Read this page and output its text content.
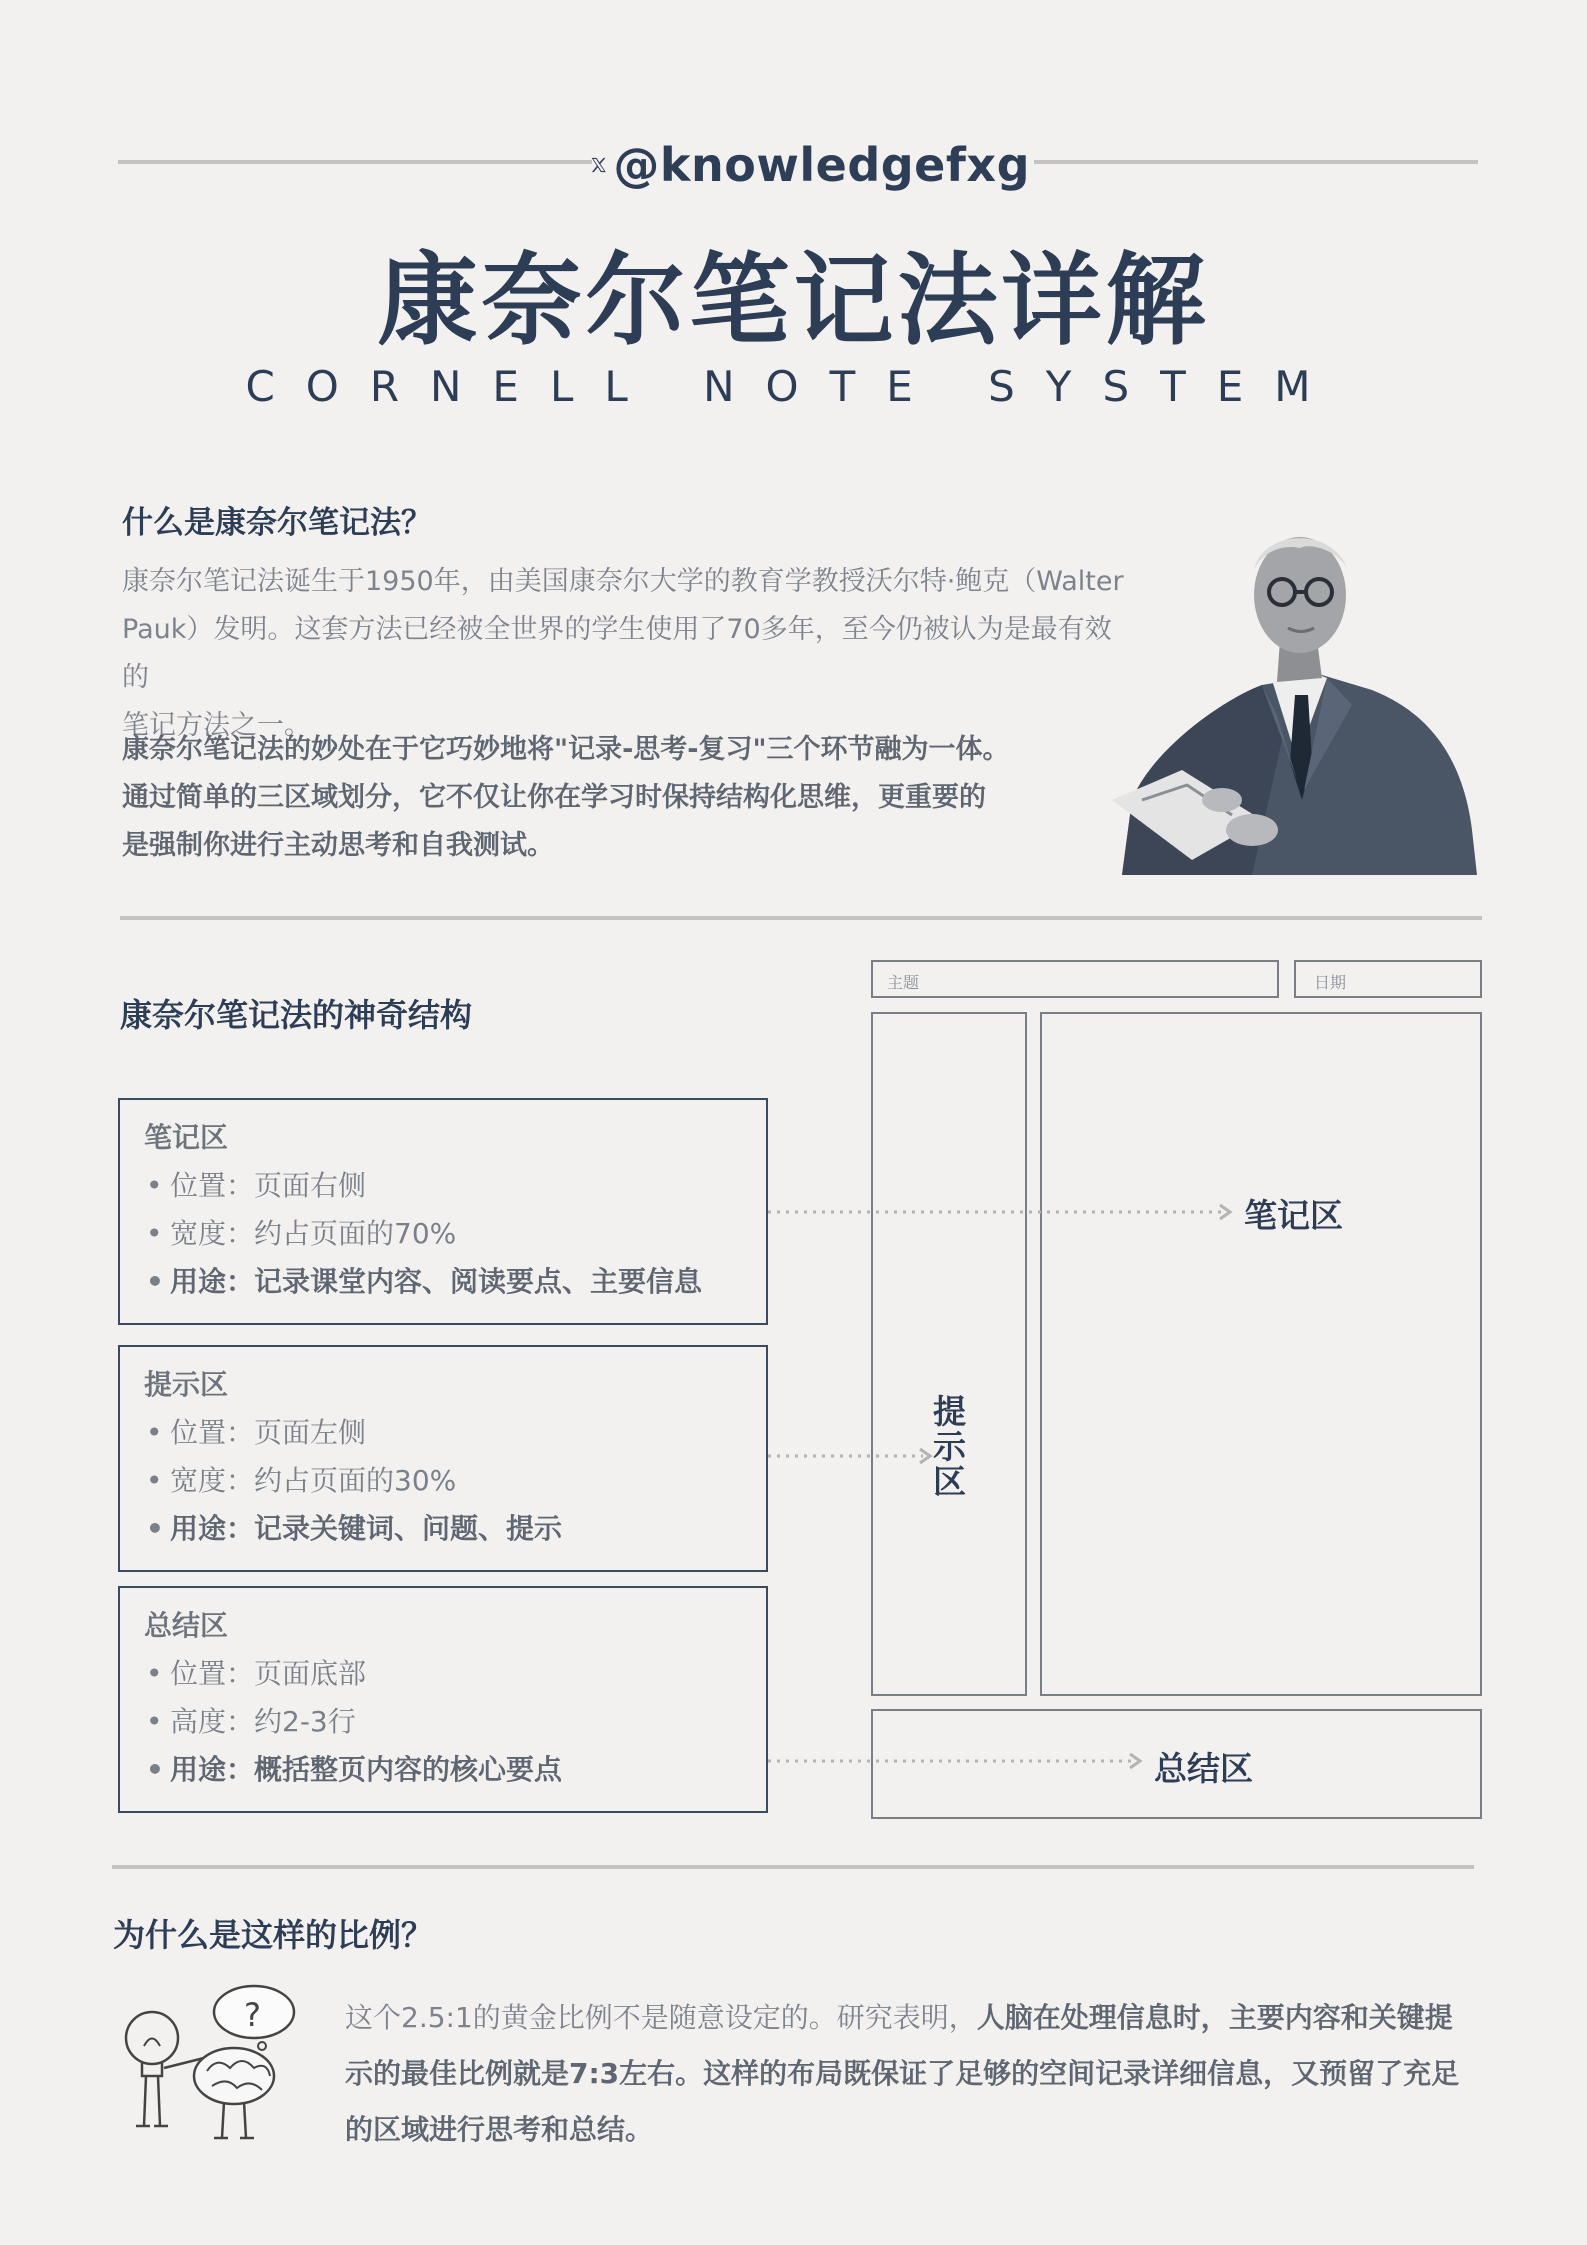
@knowledgefxg
康奈尔笔记法详解
CORNELL NOTE SYSTEM
什么是康奈尔笔记法？
康奈尔笔记法诞生于1950年，由美国康奈尔大学的教育学教授沃尔特·鲍克（Walter
Pauk）发明。这套方法已经被全世界的学生使用了70多年，至今仍被认为是最有效的
笔记方法之一。
康奈尔笔记法的妙处在于它巧妙地将"记录-思考-复习"三个环节融为一体。
通过简单的三区域划分，它不仅让你在学习时保持结构化思维，更重要的
是强制你进行主动思考和自我测试。
康奈尔笔记法的神奇结构
笔记区
• 位置：页面右侧
• 宽度：约占页面的70%
• 用途：记录课堂内容、阅读要点、主要信息
提示区
• 位置：页面左侧
• 宽度：约占页面的30%
• 用途：记录关键词、问题、提示
总结区
• 位置：页面底部
• 高度：约2-3行
• 用途：概括整页内容的核心要点
主题	日期
提示区
笔记区
总结区
为什么是这样的比例？
?	这个2.5:1的黄金比例不是随意设定的。研究表明，人脑在处理信息时，主要内容和关键提示的最佳比例就是7:3左右。这样的布局既保证了足够的空间记录详细信息，又预留了充足的区域进行思考和总结。
